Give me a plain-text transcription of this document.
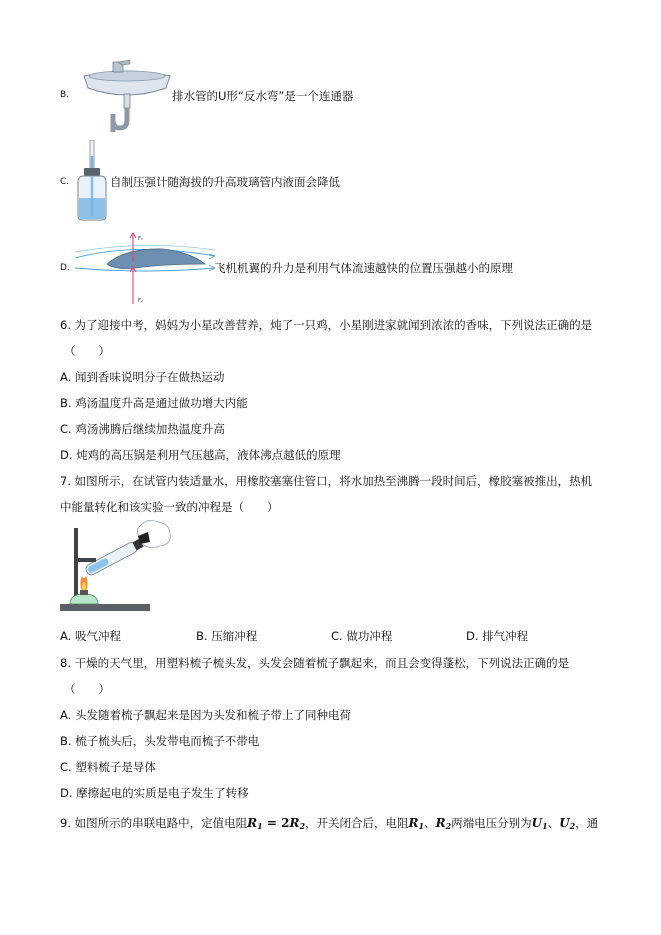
B.	排水管的U形“反水弯”是一个连通器
C.	自制压强计随海拔的升高玻璃管内液面会降低
D.
F₁
F₂
飞机机翼的升力是利用气体流速越快的位置压强越小的原理
6. 为了迎接中考，妈妈为小星改善营养，炖了一只鸡，小星刚进家就闻到浓浓的香味，下列说法正确的是
（　　）
A. 闻到香味说明分子在做热运动
B. 鸡汤温度升高是通过做功增大内能
C. 鸡汤沸腾后继续加热温度升高
D. 炖鸡的高压锅是利用气压越高，液体沸点越低的原理
7. 如图所示，在试管内装适量水，用橡胶塞塞住管口，将水加热至沸腾一段时间后，橡胶塞被推出，热机
中能量转化和该实验一致的冲程是（　　）
A. 吸气冲程	B. 压缩冲程	C. 做功冲程	D. 排气冲程
8. 干燥的天气里，用塑料梳子梳头发，头发会随着梳子飘起来，而且会变得蓬松，下列说法正确的是
（　　）
A. 头发随着梳子飘起来是因为头发和梳子带上了同种电荷
B. 梳子梳头后，头发带电而梳子不带电
C. 塑料梳子是导体
D. 摩擦起电的实质是电子发生了转移
9. 如图所示的串联电路中，定值电阻$R_1 = 2R_2$，开关闭合后，电阻$R_1$、$R_2$两端电压分别为$U_1$、$U_2$，通
